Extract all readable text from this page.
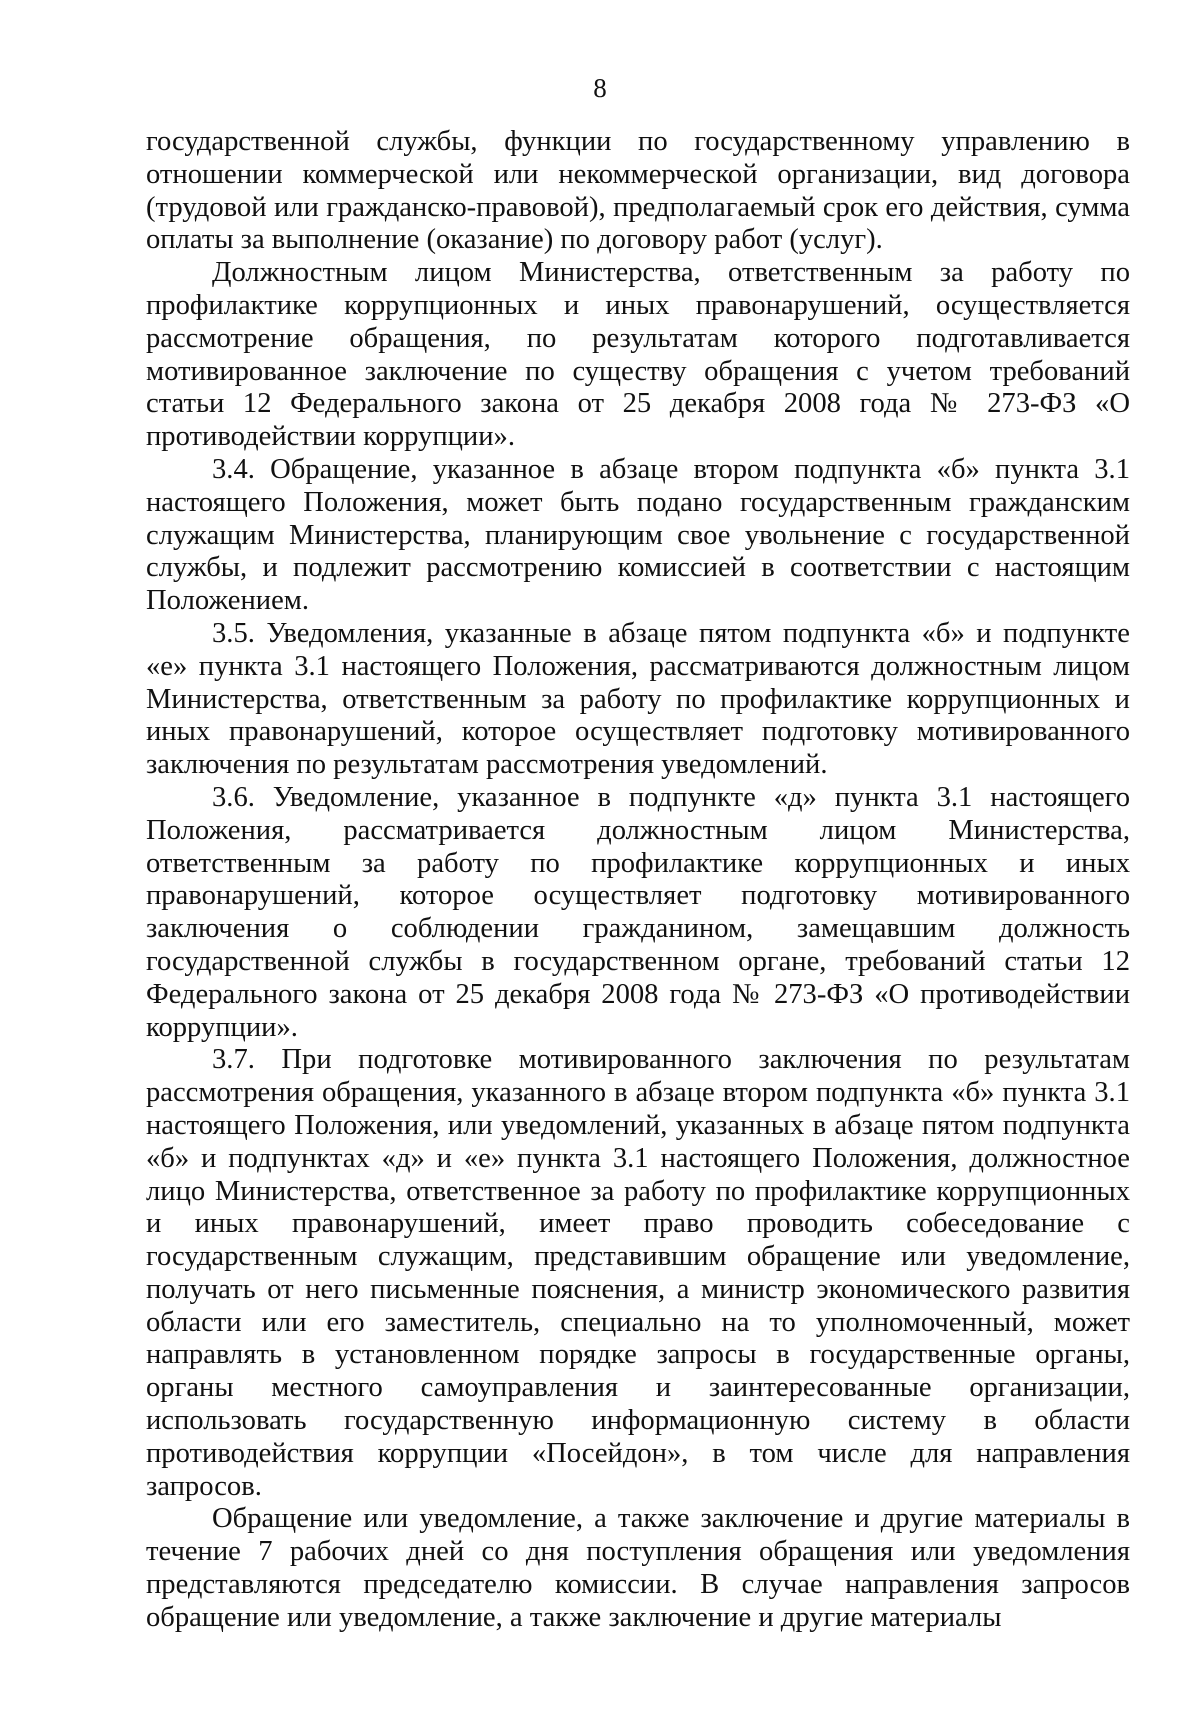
8

государственной службы, функции по государственному управлению в отношении коммерческой или некоммерческой организации, вид договора (трудовой или гражданско-правовой), предполагаемый срок его действия, сумма оплаты за выполнение (оказание) по договору работ (услуг).

Должностным лицом Министерства, ответственным за работу по профилактике коррупционных и иных правонарушений, осуществляется рассмотрение обращения, по результатам которого подготавливается мотивированное заключение по существу обращения с учетом требований статьи 12 Федерального закона от 25 декабря 2008 года № 273-ФЗ «О противодействии коррупции».

3.4. Обращение, указанное в абзаце втором подпункта «б» пункта 3.1 настоящего Положения, может быть подано государственным гражданским служащим Министерства, планирующим свое увольнение с государственной службы, и подлежит рассмотрению комиссией в соответствии с настоящим Положением.

3.5. Уведомления, указанные в абзаце пятом подпункта «б» и подпункте «е» пункта 3.1 настоящего Положения, рассматриваются должностным лицом Министерства, ответственным за работу по профилактике коррупционных и иных правонарушений, которое осуществляет подготовку мотивированного заключения по результатам рассмотрения уведомлений.

3.6. Уведомление, указанное в подпункте «д» пункта 3.1 настоящего Положения, рассматривается должностным лицом Министерства, ответственным за работу по профилактике коррупционных и иных правонарушений, которое осуществляет подготовку мотивированного заключения о соблюдении гражданином, замещавшим должность государственной службы в государственном органе, требований статьи 12 Федерального закона от 25 декабря 2008 года № 273-ФЗ «О противодействии коррупции».

3.7. При подготовке мотивированного заключения по результатам рассмотрения обращения, указанного в абзаце втором подпункта «б» пункта 3.1 настоящего Положения, или уведомлений, указанных в абзаце пятом подпункта «б» и подпунктах «д» и «е» пункта 3.1 настоящего Положения, должностное лицо Министерства, ответственное за работу по профилактике коррупционных и иных правонарушений, имеет право проводить собеседование с государственным служащим, представившим обращение или уведомление, получать от него письменные пояснения, а министр экономического развития области или его заместитель, специально на то уполномоченный, может направлять в установленном порядке запросы в государственные органы, органы местного самоуправления и заинтересованные организации, использовать государственную информационную систему в области противодействия коррупции «Посейдон», в том числе для направления запросов.

Обращение или уведомление, а также заключение и другие материалы в течение 7 рабочих дней со дня поступления обращения или уведомления представляются председателю комиссии. В случае направления запросов обращение или уведомление, а также заключение и другие материалы
